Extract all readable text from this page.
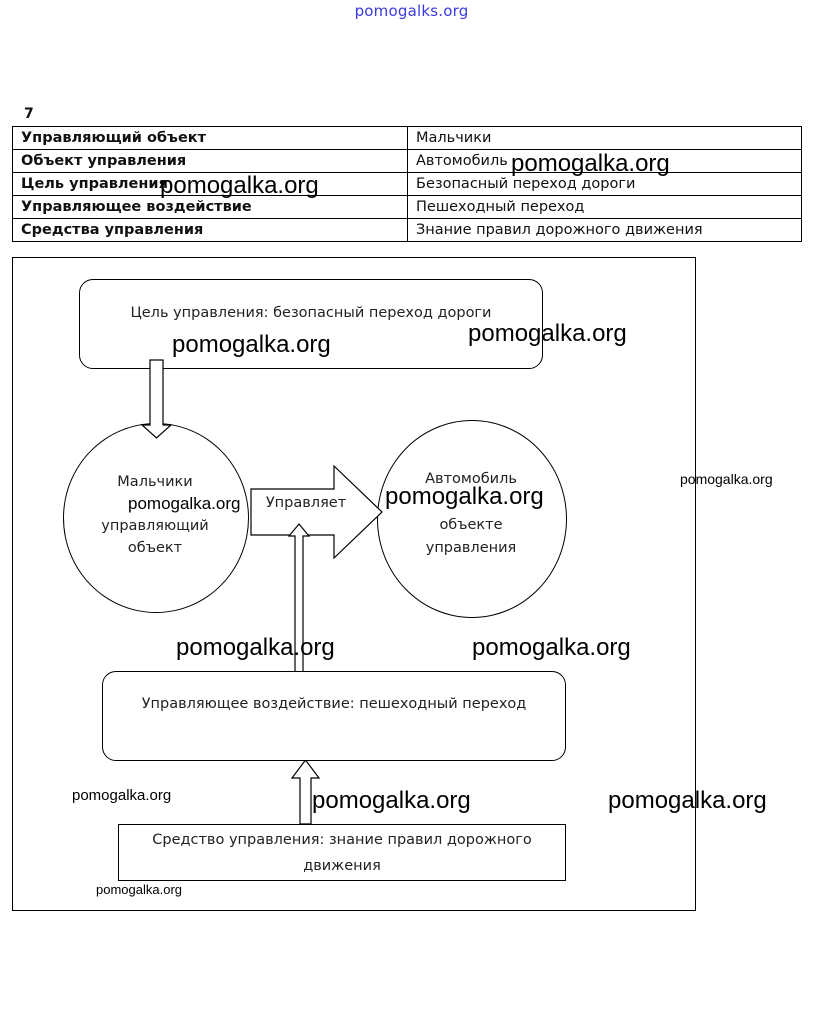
pomogalks.org
7
Управляющий объект	Мальчики
Объект управления	Автомобиль
Цель управления	Безопасный переход дороги
Управляющее воздействие	Пешеходный переход
Средства управления	Знание правил дорожного движения
Цель управления: безопасный переход дороги
Мальчики
управляющий
объект
Автомобиль
объекте
управления
Управляет
Управляющее воздействие: пешеходный переход
Средство управления: знание правил дорожного
движения
pomogalka.org
pomogalka.org
pomogalka.org
pomogalka.org
pomogalka.org
pomogalka.org
pomogalka.org
pomogalka.org	pomogalka.org
pomogalka.org	pomogalka.org	pomogalka.org
pomogalka.org
